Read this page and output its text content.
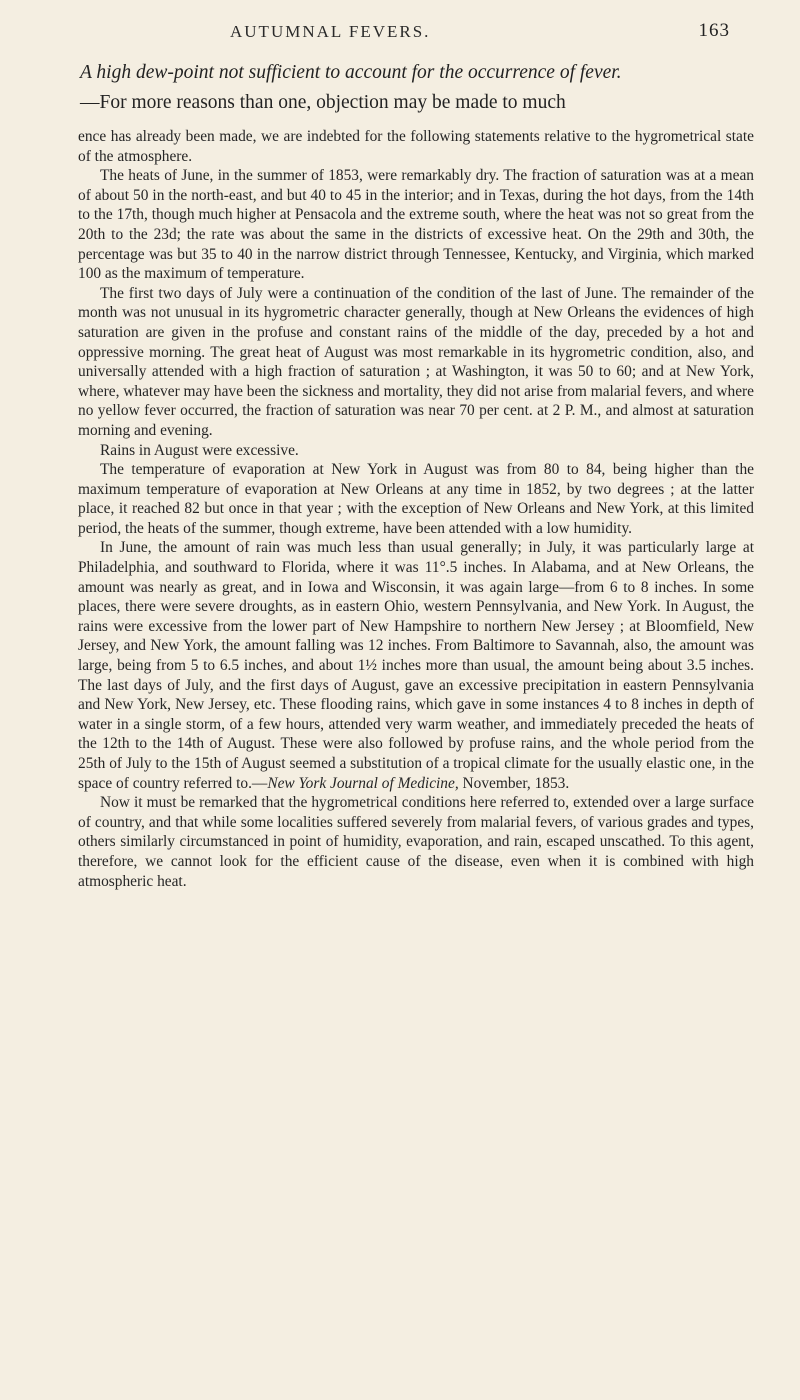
AUTUMNAL FEVERS.	163
A high dew-point not sufficient to account for the occurrence of fever.
—For more reasons than one, objection may be made to much

ence has already been made, we are indebted for the following statements relative to the hygrometrical state of the atmosphere.

The heats of June, in the summer of 1853, were remarkably dry. The fraction of saturation was at a mean of about 50 in the north-east, and but 40 to 45 in the interior; and in Texas, during the hot days, from the 14th to the 17th, though much higher at Pensacola and the extreme south, where the heat was not so great from the 20th to the 23d; the rate was about the same in the districts of excessive heat. On the 29th and 30th, the percentage was but 35 to 40 in the narrow district through Tennessee, Kentucky, and Virginia, which marked 100 as the maximum of temperature.

The first two days of July were a continuation of the condition of the last of June. The remainder of the month was not unusual in its hygrometric character generally, though at New Orleans the evidences of high saturation are given in the profuse and constant rains of the middle of the day, preceded by a hot and oppressive morning. The great heat of August was most remarkable in its hygrometric condition, also, and universally attended with a high fraction of saturation ; at Washington, it was 50 to 60; and at New York, where, whatever may have been the sickness and mortality, they did not arise from malarial fevers, and where no yellow fever occurred, the fraction of saturation was near 70 per cent. at 2 P. M., and almost at saturation morning and evening.

Rains in August were excessive.

The temperature of evaporation at New York in August was from 80 to 84, being higher than the maximum temperature of evaporation at New Orleans at any time in 1852, by two degrees ; at the latter place, it reached 82 but once in that year ; with the exception of New Orleans and New York, at this limited period, the heats of the summer, though extreme, have been attended with a low humidity.

In June, the amount of rain was much less than usual generally; in July, it was particularly large at Philadelphia, and southward to Florida, where it was 11°.5 inches. In Alabama, and at New Orleans, the amount was nearly as great, and in Iowa and Wisconsin, it was again large—from 6 to 8 inches. In some places, there were severe droughts, as in eastern Ohio, western Pennsylvania, and New York. In August, the rains were excessive from the lower part of New Hampshire to northern New Jersey ; at Bloomfield, New Jersey, and New York, the amount falling was 12 inches. From Baltimore to Savannah, also, the amount was large, being from 5 to 6.5 inches, and about 1½ inches more than usual, the amount being about 3.5 inches. The last days of July, and the first days of August, gave an excessive precipitation in eastern Pennsylvania and New York, New Jersey, etc. These flooding rains, which gave in some instances 4 to 8 inches in depth of water in a single storm, of a few hours, attended very warm weather, and immediately preceded the heats of the 12th to the 14th of August. These were also followed by profuse rains, and the whole period from the 25th of July to the 15th of August seemed a substitution of a tropical climate for the usually elastic one, in the space of country referred to.—New York Journal of Medicine, November, 1853.

Now it must be remarked that the hygrometrical conditions here referred to, extended over a large surface of country, and that while some localities suffered severely from malarial fevers, of various grades and types, others similarly circumstanced in point of humidity, evaporation, and rain, escaped unscathed. To this agent, therefore, we cannot look for the efficient cause of the disease, even when it is combined with high atmospheric heat.
